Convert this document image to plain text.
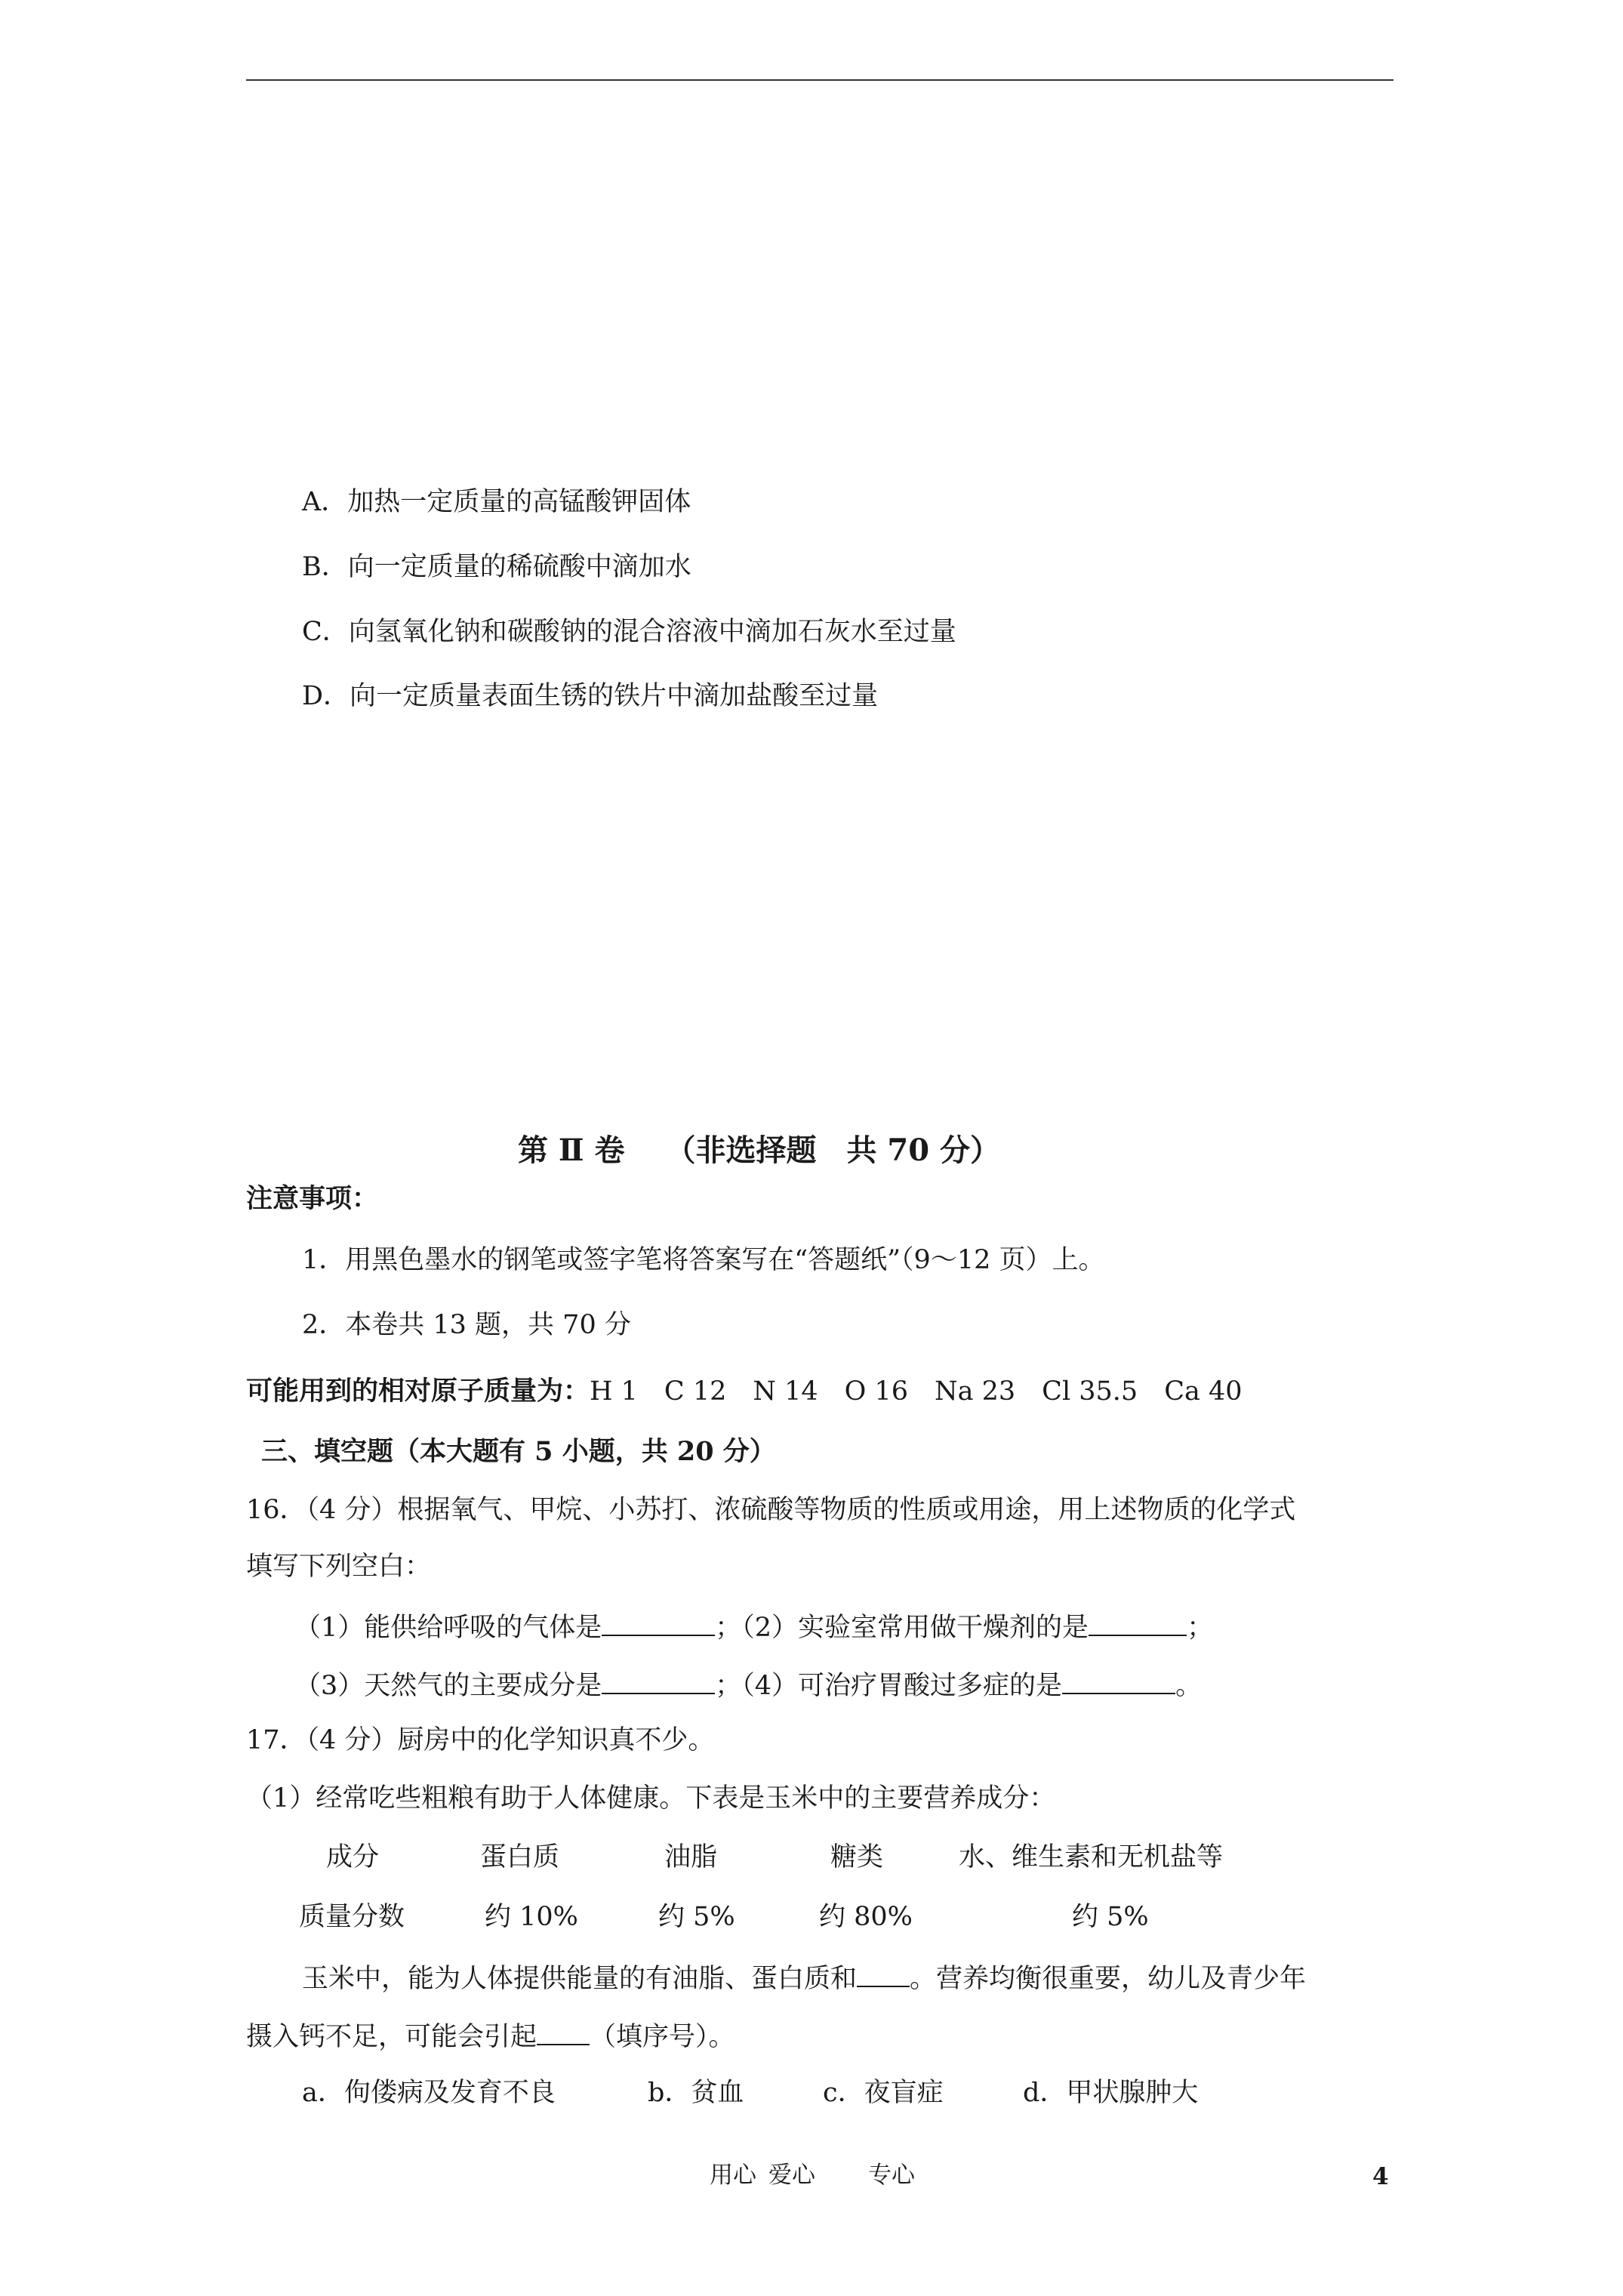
A．加热一定质量的高锰酸钾固体
B．向一定质量的稀硫酸中滴加水
C．向氢氧化钠和碳酸钠的混合溶液中滴加石灰水至过量
D．向一定质量表面生锈的铁片中滴加盐酸至过量
第 Ⅱ 卷　 （非选择题　共 70 分）
注意事项：
1．用黑色墨水的钢笔或签字笔将答案写在“答题纸”（9～12 页）上。
2．本卷共 13 题，共 70 分
可能用到的相对原子质量为：H 1　C 12　N 14　O 16　Na 23　Cl 35.5　Ca 40
三、填空题（本大题有 5 小题，共 20 分）
16．（4 分）根据氧气、甲烷、小苏打、浓硫酸等物质的性质或用途，用上述物质的化学式
填写下列空白：
（1）能供给呼吸的气体是	；（2）实验室常用做干燥剂的是	；
（3）天然气的主要成分是	；（4）可治疗胃酸过多症的是	。
17．（4 分）厨房中的化学知识真不少。
（1）经常吃些粗粮有助于人体健康。下表是玉米中的主要营养成分：
成分	蛋白质	油脂	糖类	水、维生素和无机盐等
质量分数	约 10%	约 5%	约 80%	约 5%
玉米中，能为人体提供能量的有油脂、蛋白质和 。营养均衡很重要，幼儿及青少年
摄入钙不足，可能会引起 （填序号）。
a．佝偻病及发育不良	b．贫血	c．夜盲症	d．甲状腺肿大
用心 爱心 专心	4
